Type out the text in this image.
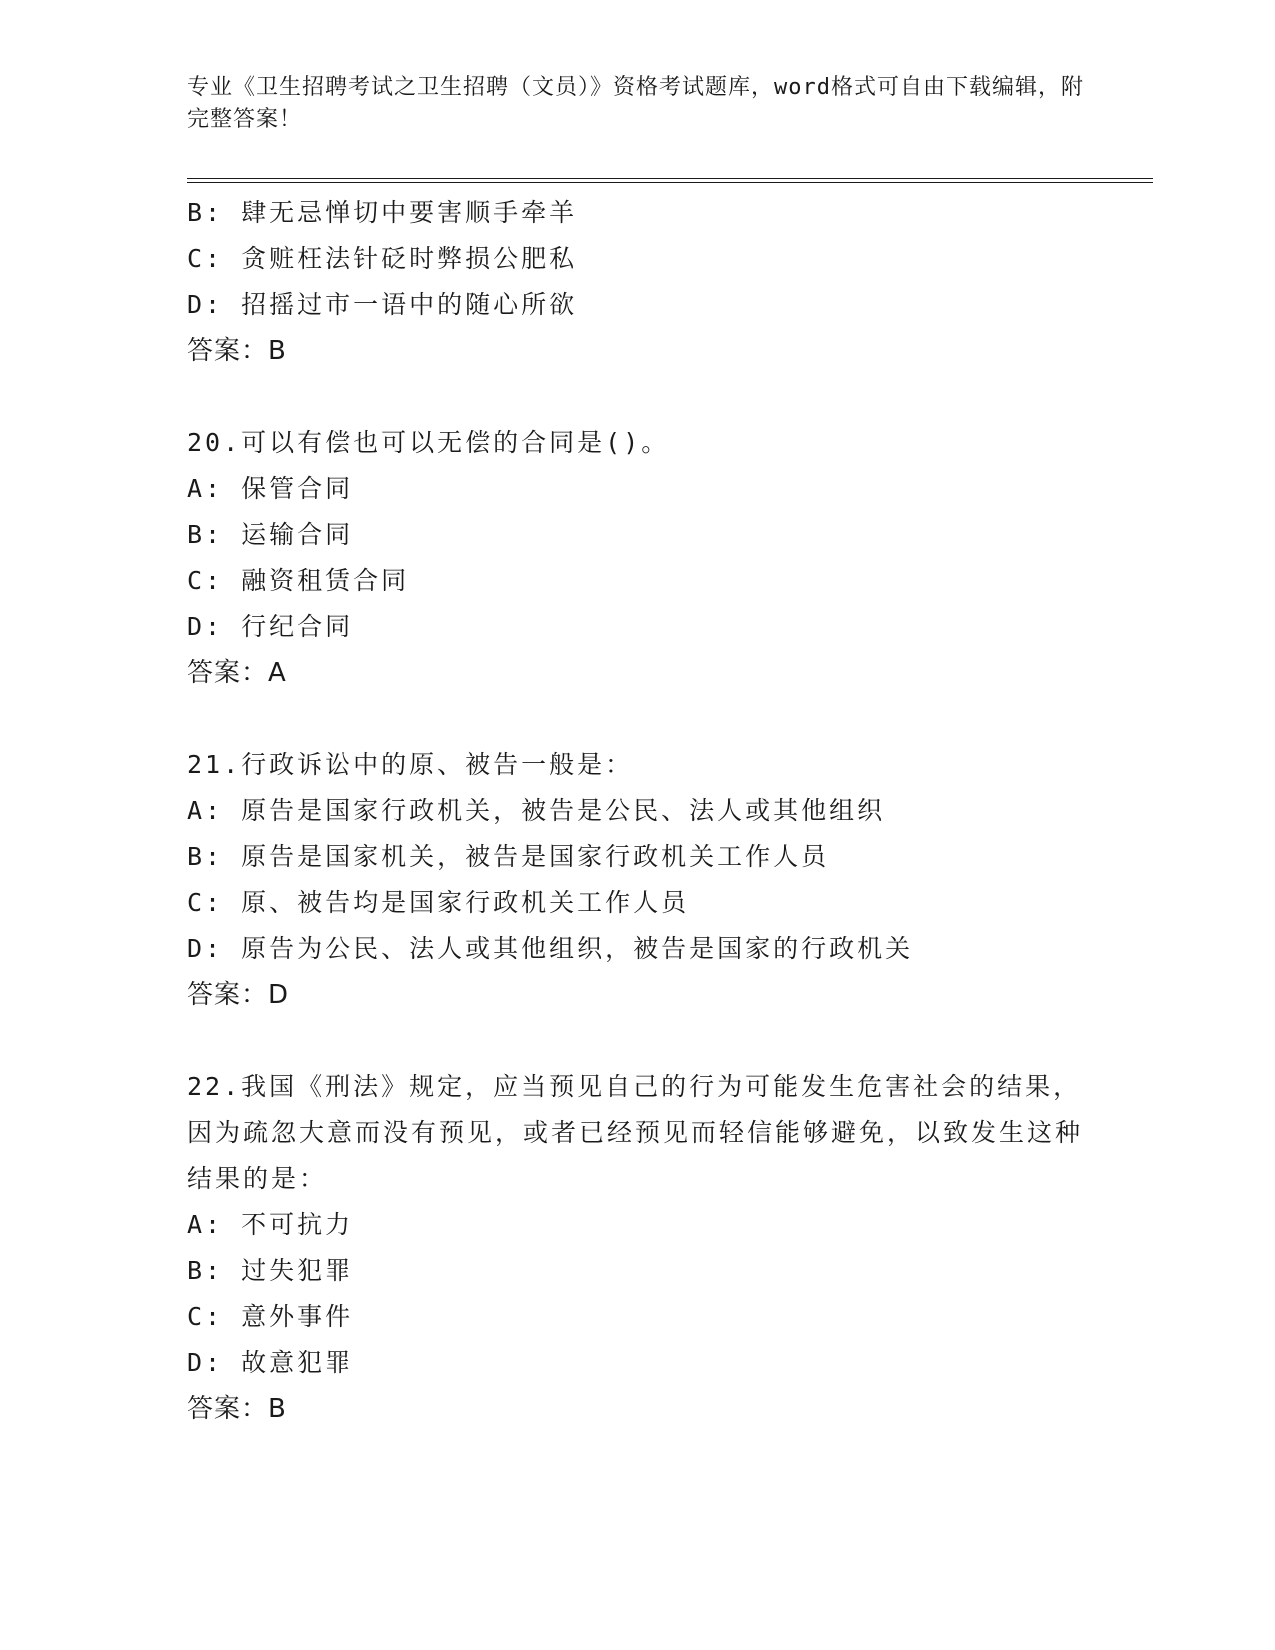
专业《卫生招聘考试之卫生招聘（文员）》资格考试题库，word格式可自由下载编辑，附完整答案！
B: 肆无忌惮切中要害顺手牵羊
C: 贪赃枉法针砭时弊损公肥私
D: 招摇过市一语中的随心所欲
答案：B
20.可以有偿也可以无偿的合同是()。
A: 保管合同
B: 运输合同
C: 融资租赁合同
D: 行纪合同
答案：A
21.行政诉讼中的原、被告一般是：
A: 原告是国家行政机关，被告是公民、法人或其他组织
B: 原告是国家机关，被告是国家行政机关工作人员
C: 原、被告均是国家行政机关工作人员
D: 原告为公民、法人或其他组织，被告是国家的行政机关
答案：D
22.我国《刑法》规定，应当预见自己的行为可能发生危害社会的结果，因为疏忽大意而没有预见，或者已经预见而轻信能够避免，以致发生这种结果的是：
A: 不可抗力
B: 过失犯罪
C: 意外事件
D: 故意犯罪
答案：B
